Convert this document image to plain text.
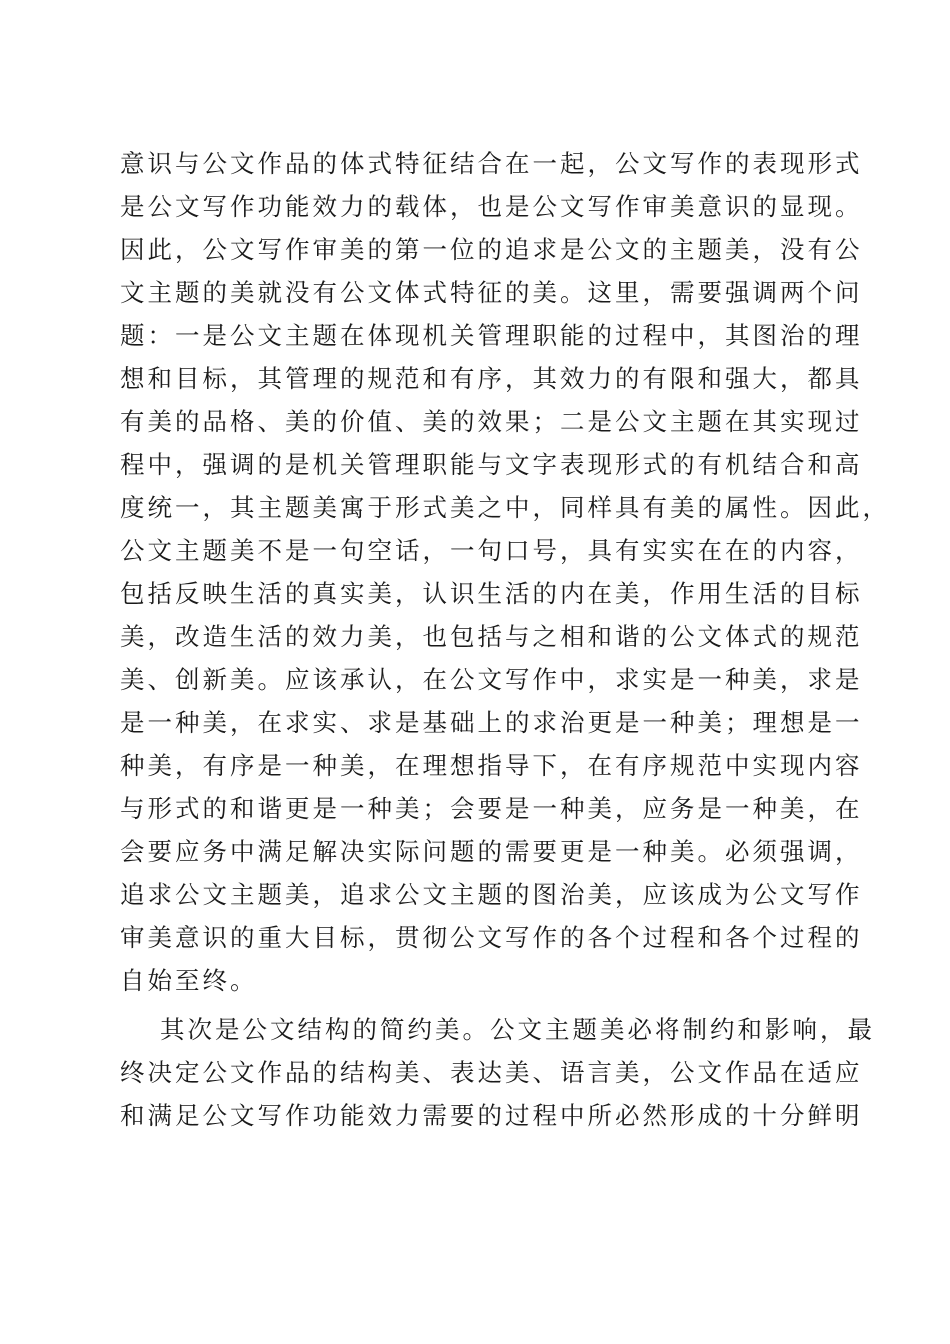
意识与公文作品的体式特征结合在一起，公文写作的表现形式
是公文写作功能效力的载体，也是公文写作审美意识的显现。
因此，公文写作审美的第一位的追求是公文的主题美，没有公
文主题的美就没有公文体式特征的美。这里，需要强调两个问
题：一是公文主题在体现机关管理职能的过程中，其图治的理
想和目标，其管理的规范和有序，其效力的有限和强大，都具
有美的品格、美的价值、美的效果；二是公文主题在其实现过
程中，强调的是机关管理职能与文字表现形式的有机结合和高
度统一，其主题美寓于形式美之中，同样具有美的属性。因此，
公文主题美不是一句空话，一句口号，具有实实在在的内容，
包括反映生活的真实美，认识生活的内在美，作用生活的目标
美，改造生活的效力美，也包括与之相和谐的公文体式的规范
美、创新美。应该承认，在公文写作中，求实是一种美，求是
是一种美，在求实、求是基础上的求治更是一种美；理想是一
种美，有序是一种美，在理想指导下，在有序规范中实现内容
与形式的和谐更是一种美；会要是一种美，应务是一种美，在
会要应务中满足解决实际问题的需要更是一种美。必须强调，
追求公文主题美，追求公文主题的图治美，应该成为公文写作
审美意识的重大目标，贯彻公文写作的各个过程和各个过程的
自始至终。
其次是公文结构的简约美。公文主题美必将制约和影响，最
终决定公文作品的结构美、表达美、语言美，公文作品在适应
和满足公文写作功能效力需要的过程中所必然形成的十分鲜明
